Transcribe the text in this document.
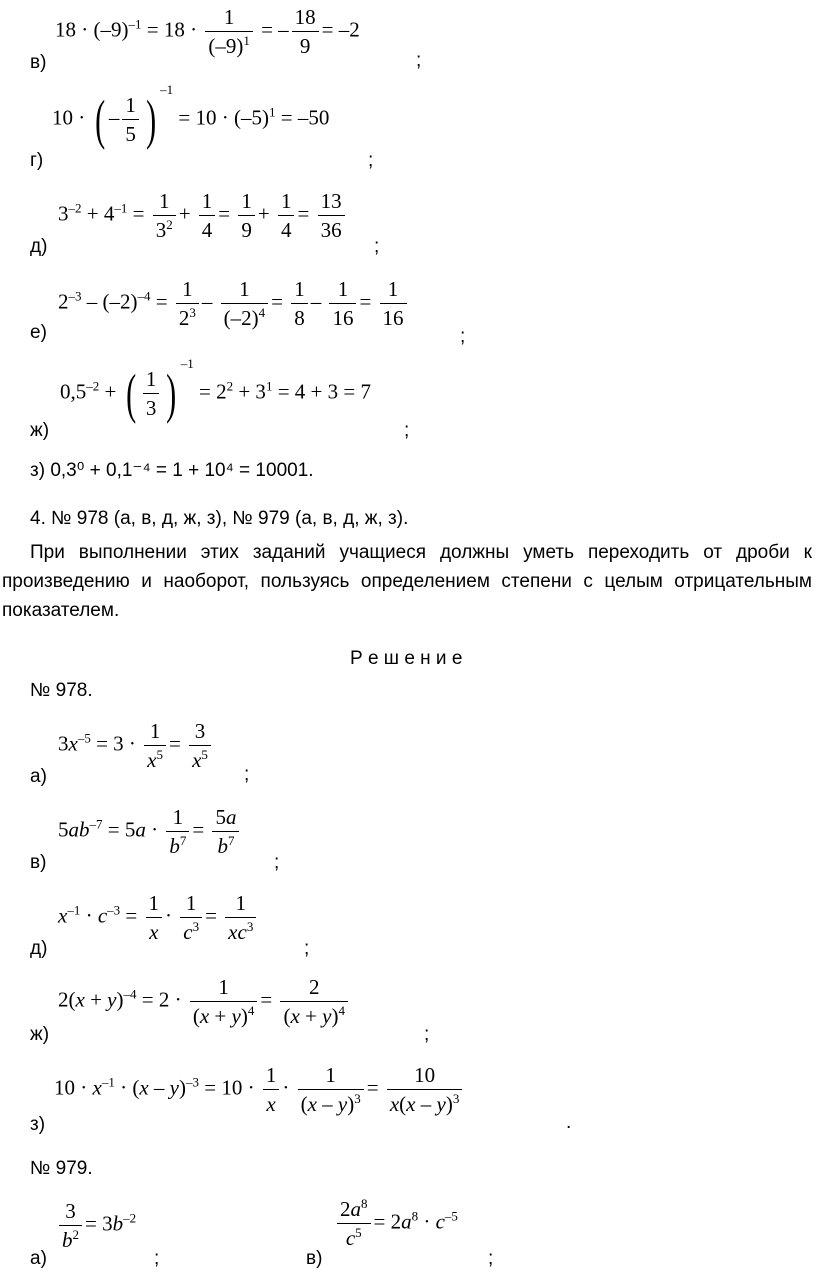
$18 \cdot (-9)^{-1} = 18 \cdot \frac{1}{(-9)^1}$ = – $\frac{18}{9} = -2$
в)	;
10 · ( – $\frac{1}{5}$ ) $^{-1} = 10 \cdot (-5)^1 = -50$
г)	;
$3^{-2} + 4^{-1} = \frac{1}{3^2} + \frac{1}{4} = \frac{1}{9} + \frac{1}{4} = \frac{13}{36}$
д)	;
$2^{-3} - (-2)^{-4} = \frac{1}{2^3} - \frac{1}{(-2)^4} = \frac{1}{8} - \frac{1}{16} = \frac{1}{16}$
е)	;
$0,5^{-2}$ + ( $\frac{1}{3}$ ) $^{-1} = 2^2 + 3^1 = 4 + 3 = 7$
ж)	;
з) 0,3⁰ + 0,1⁻⁴ = 1 + 10⁴ = 10001.
4. № 978 (а, в, д, ж, з), № 979 (а, в, д, ж, з).
При выполнении этих заданий учащиеся должны уметь переходить от дроби к
произведению и наоборот, пользуясь определением степени с целым отрицательным
показателем.
Р е ш е н и е
№ 978.
$3x^{-5} = 3 \cdot \frac{1}{x^5} = \frac{3}{x^5}$
а)	;
$5ab^{-7} = 5a \cdot \frac{1}{b^7} = \frac{5a}{b^7}$
в)	;
$x^{-1} \cdot c^{-3} = \frac{1}{x} \cdot \frac{1}{c^3} = \frac{1}{xc^3}$
д)	;
$2(x + y)^{-4} = 2 \cdot \frac{1}{(x + y)^4} = \frac{2}{(x + y)^4}$
ж)	;
$10 \cdot x^{-1} \cdot (x - y)^{-3} = 10 \cdot \frac{1}{x} \cdot \frac{1}{(x - y)^3} = \frac{10}{x(x - y)^3}$
з)	.
№ 979.
$\frac{3}{b^2} = 3b^{-2}$
а)	;
$\frac{2a^8}{c^5} = 2a^8 \cdot c^{-5}$
в)	;
